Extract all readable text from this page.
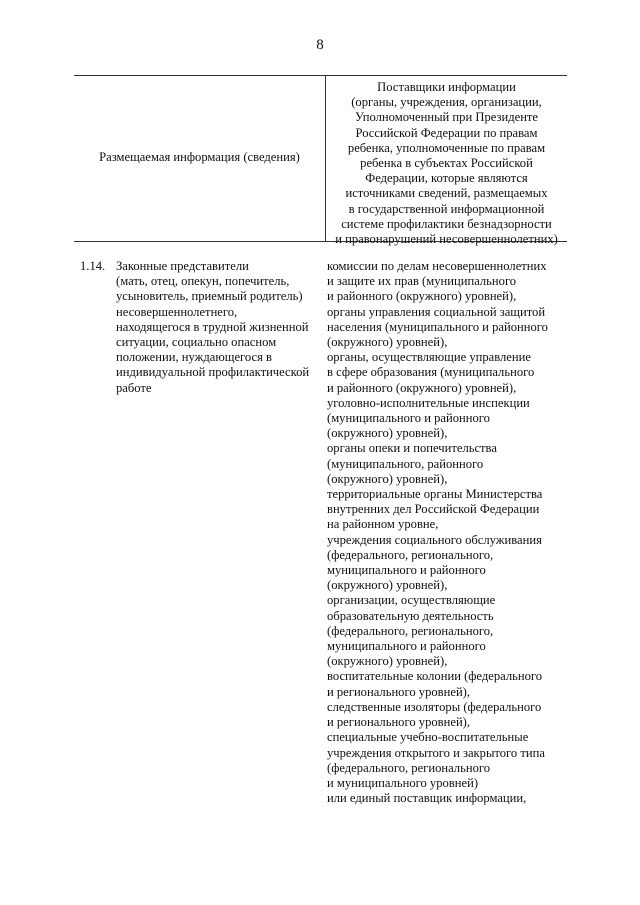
8
Размещаемая информация (сведения)
Поставщики информации
(органы, учреждения, организации,
Уполномоченный при Президенте
Российской Федерации по правам
ребенка, уполномоченные по правам
ребенка в субъектах Российской
Федерации, которые являются
источниками сведений, размещаемых
в государственной информационной
системе профилактики безнадзорности
и правонарушений несовершеннолетних)
1.14. Законные представители
(мать, отец, опекун, попечитель,
усыновитель, приемный родитель)
несовершеннолетнего,
находящегося в трудной жизненной
ситуации, социально опасном
положении, нуждающегося в
индивидуальной профилактической
работе
комиссии по делам несовершеннолетних
и защите их прав (муниципального
и районного (окружного) уровней),
органы управления социальной защитой
населения (муниципального и районного
(окружного) уровней),
органы, осуществляющие управление
в сфере образования (муниципального
и районного (окружного) уровней),
уголовно-исполнительные инспекции
(муниципального и районного
(окружного) уровней),
органы опеки и попечительства
(муниципального, районного
(окружного) уровней),
территориальные органы Министерства
внутренних дел Российской Федерации
на районном уровне,
учреждения социального обслуживания
(федерального, регионального,
муниципального и районного
(окружного) уровней),
организации, осуществляющие
образовательную деятельность
(федерального, регионального,
муниципального и районного
(окружного) уровней),
воспитательные колонии (федерального
и регионального уровней),
следственные изоляторы (федерального
и регионального уровней),
специальные учебно-воспитательные
учреждения открытого и закрытого типа
(федерального, регионального
и муниципального уровней)
или единый поставщик информации,
